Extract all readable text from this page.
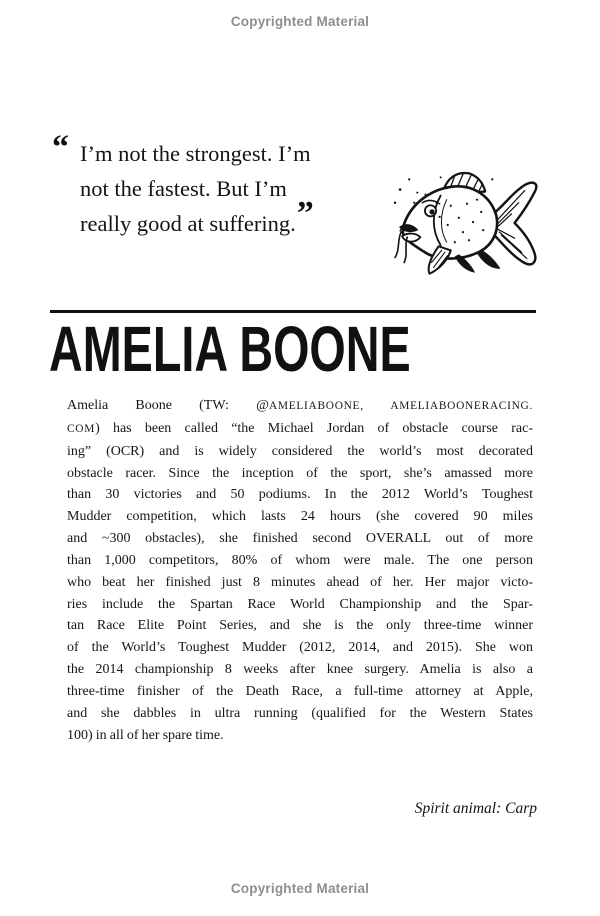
Copyrighted Material
“ I’m not the strongest. I’m
not the fastest. But I’m
really good at suffering.”
AMELIA BOONE
Amelia Boone (TW: @AMELIABOONE, AMELIABOONERACING.
COM) has been called “the Michael Jordan of obstacle course rac-
ing” (OCR) and is widely considered the world’s most decorated
obstacle racer. Since the inception of the sport, she’s amassed more
than 30 victories and 50 podiums. In the 2012 World’s Toughest
Mudder competition, which lasts 24 hours (she covered 90 miles
and ~300 obstacles), she finished second OVERALL out of more
than 1,000 competitors, 80% of whom were male. The one person
who beat her finished just 8 minutes ahead of her. Her major victo-
ries include the Spartan Race World Championship and the Spar-
tan Race Elite Point Series, and she is the only three-time winner
of the World’s Toughest Mudder (2012, 2014, and 2015). She won
the 2014 championship 8 weeks after knee surgery. Amelia is also a
three-time finisher of the Death Race, a full-time attorney at Apple,
and she dabbles in ultra running (qualified for the Western States
100) in all of her spare time.
Spirit animal: Carp
Copyrighted Material
